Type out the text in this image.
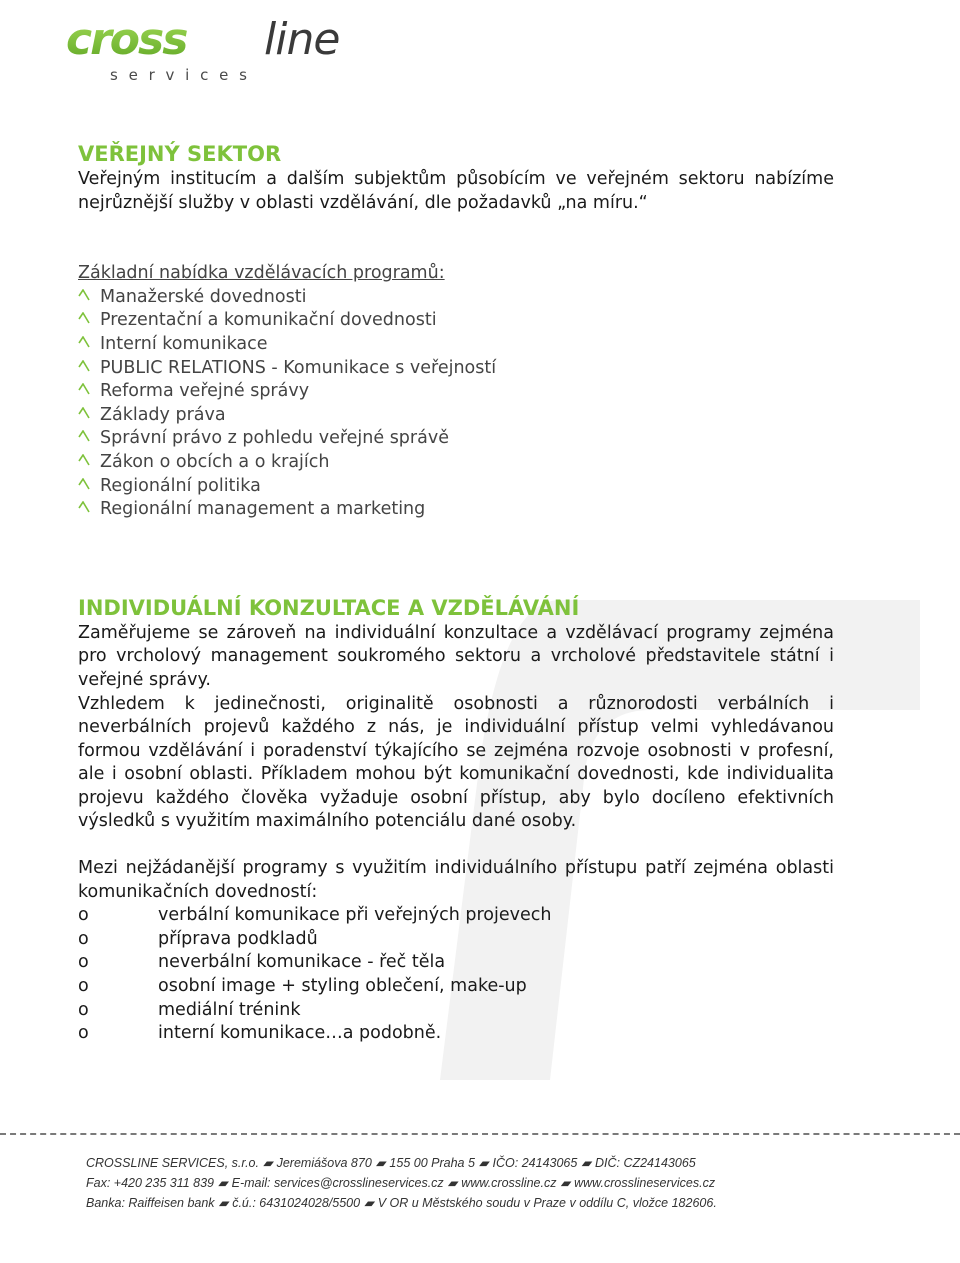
cross line
s e r v i c e s
VEŘEJNÝ SEKTOR

Veřejným institucím a dalším subjektům působícím ve veřejném sektoru nabízíme nejrůznější služby v oblasti vzdělávání, dle požadavků „na míru.“

Základní nabídka vzdělávacích programů:

Manažerské dovednosti
Prezentační a komunikační dovednosti
Interní komunikace
PUBLIC RELATIONS - Komunikace s veřejností
Reforma veřejné správy
Základy práva
Správní právo z pohledu veřejné správě
Zákon o obcích a o krajích
Regionální politika
Regionální management a marketing
INDIVIDUÁLNÍ KONZULTACE A VZDĚLÁVÁNÍ

Zaměřujeme se zároveň na individuální konzultace a vzdělávací programy zejména pro vrcholový management soukromého sektoru a vrcholové představitele státní i veřejné správy.

Vzhledem k jedinečnosti, originalitě osobnosti a různorodosti verbálních i neverbálních projevů každého z nás, je individuální přístup velmi vyhledávanou formou vzdělávání i poradenství týkajícího se zejména rozvoje osobnosti v profesní, ale i osobní oblasti. Příkladem mohou být komunikační dovednosti, kde individualita projevu každého člověka vyžaduje osobní přístup, aby bylo docíleno efektivních výsledků s využitím maximálního potenciálu dané osoby.

Mezi nejžádanější programy s využitím individuálního přístupu patří zejména oblasti komunikačních dovedností:

o	verbální komunikace při veřejných projevech
o	příprava podkladů
o	neverbální komunikace - řeč těla
o	osobní image + styling oblečení, make-up
o	mediální trénink
o	interní komunikace…a podobně.
CROSSLINE SERVICES, s.r.o. ▰ Jeremiášova 870 ▰ 155 00 Praha 5 ▰ IČO: 24143065 ▰ DIČ: CZ24143065
Fax: +420 235 311 839 ▰ E-mail: services@crosslineservices.cz ▰ www.crossline.cz ▰ www.crosslineservices.cz
Banka: Raiffeisen bank ▰ č.ú.: 6431024028/5500 ▰ V OR u Městského soudu v Praze v oddílu C, vložce 182606.
